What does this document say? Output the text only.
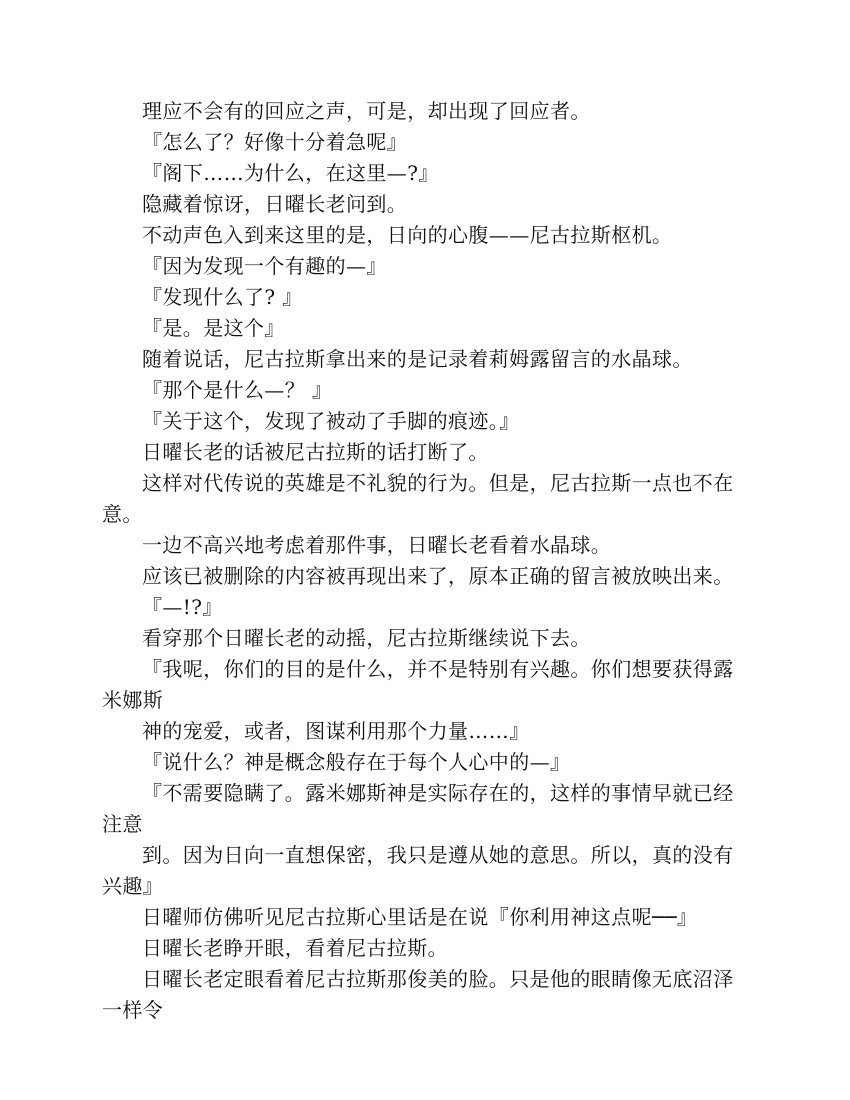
理应不会有的回应之声，可是，却出现了回应者。

『怎么了？好像十分着急呢』

『阁下……为什么，在这里—?』

隐藏着惊讶，日曜长老问到。

不动声色入到来这里的是，日向的心腹——尼古拉斯枢机。

『因为发现一个有趣的—』

『发现什么了? 』

『是。是这个』

随着说话，尼古拉斯拿出来的是记录着莉姆露留言的水晶球。

『那个是什么—？ 』

『关于这个，发现了被动了手脚的痕迹。』

日曜长老的话被尼古拉斯的话打断了。

这样对代传说的英雄是不礼貌的行为。但是，尼古拉斯一点也不在意。

一边不高兴地考虑着那件事，日曜长老看着水晶球。

应该已被删除的内容被再现出来了，原本正确的留言被放映出来。

『—!?』

看穿那个日曜长老的动摇，尼古拉斯继续说下去。

『我呢，你们的目的是什么，并不是特别有兴趣。你们想要获得露米娜斯

神的宠爱，或者，图谋利用那个力量……』

『说什么？神是概念般存在于每个人心中的—』

『不需要隐瞒了。露米娜斯神是实际存在的，这样的事情早就已经注意

到。因为日向一直想保密，我只是遵从她的意思。所以，真的没有兴趣』

日曜师仿佛听见尼古拉斯心里话是在说『你利用神这点呢──』

日曜长老睁开眼，看着尼古拉斯。

日曜长老定眼看着尼古拉斯那俊美的脸。只是他的眼睛像无底沼泽一样令
